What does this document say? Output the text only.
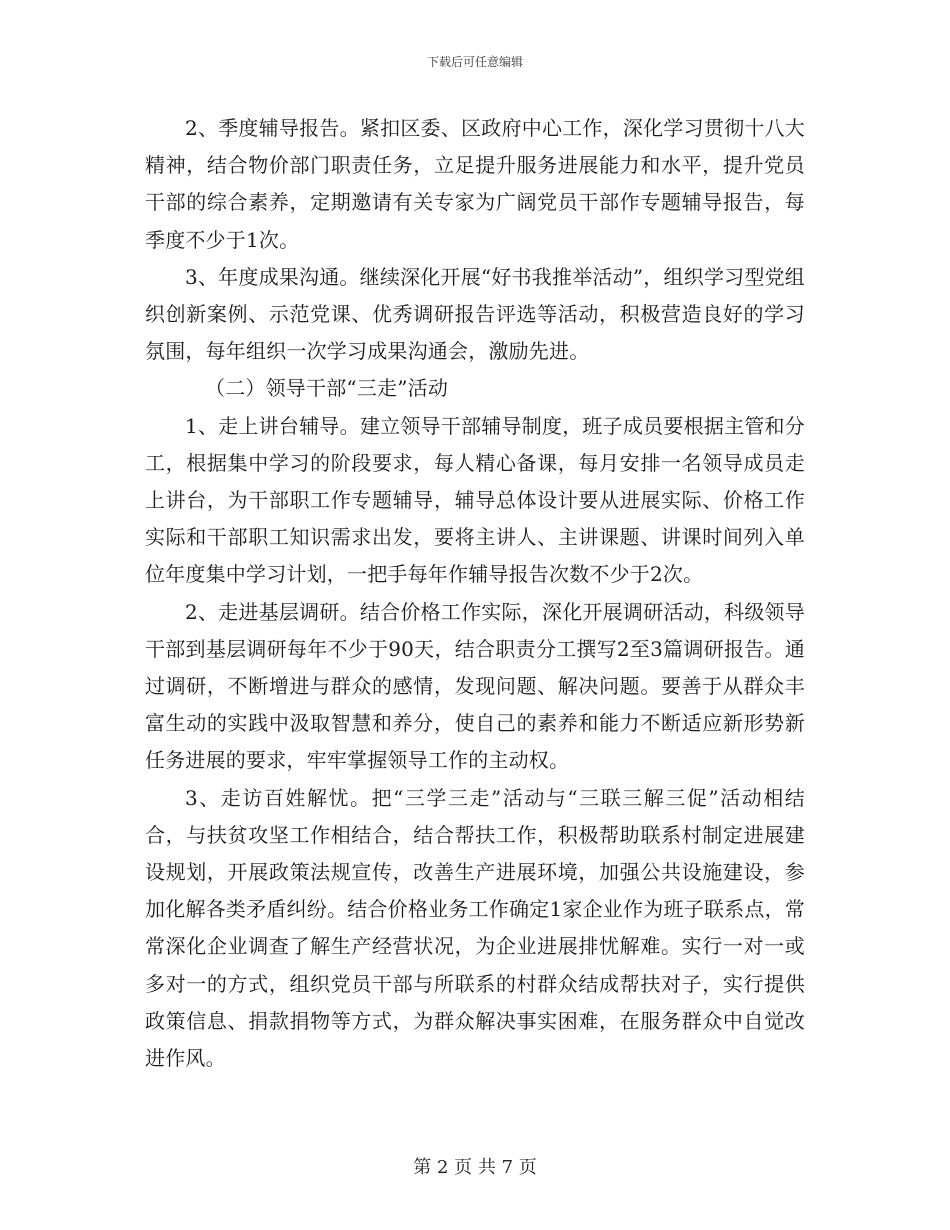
下载后可任意编辑

2、季度辅导报告。紧扣区委、区政府中心工作，深化学习贯彻十八大精神，结合物价部门职责任务，立足提升服务进展能力和水平，提升党员干部的综合素养，定期邀请有关专家为广阔党员干部作专题辅导报告，每季度不少于1次。

3、年度成果沟通。继续深化开展“好书我推举活动”，组织学习型党组织创新案例、示范党课、优秀调研报告评选等活动，积极营造良好的学习氛围，每年组织一次学习成果沟通会，激励先进。

（二）领导干部“三走”活动

1、走上讲台辅导。建立领导干部辅导制度，班子成员要根据主管和分工，根据集中学习的阶段要求，每人精心备课，每月安排一名领导成员走上讲台，为干部职工作专题辅导，辅导总体设计要从进展实际、价格工作实际和干部职工知识需求出发，要将主讲人、主讲课题、讲课时间列入单位年度集中学习计划，一把手每年作辅导报告次数不少于2次。

2、走进基层调研。结合价格工作实际，深化开展调研活动，科级领导干部到基层调研每年不少于90天，结合职责分工撰写2至3篇调研报告。通过调研，不断增进与群众的感情，发现问题、解决问题。要善于从群众丰富生动的实践中汲取智慧和养分，使自己的素养和能力不断适应新形势新任务进展的要求，牢牢掌握领导工作的主动权。

3、走访百姓解忧。把“三学三走”活动与“三联三解三促”活动相结合，与扶贫攻坚工作相结合，结合帮扶工作，积极帮助联系村制定进展建设规划，开展政策法规宣传，改善生产进展环境，加强公共设施建设，参加化解各类矛盾纠纷。结合价格业务工作确定1家企业作为班子联系点，常常深化企业调查了解生产经营状况，为企业进展排忧解难。实行一对一或多对一的方式，组织党员干部与所联系的村群众结成帮扶对子，实行提供政策信息、捐款捐物等方式，为群众解决事实困难，在服务群众中自觉改进作风。

第 2 页 共 7 页
